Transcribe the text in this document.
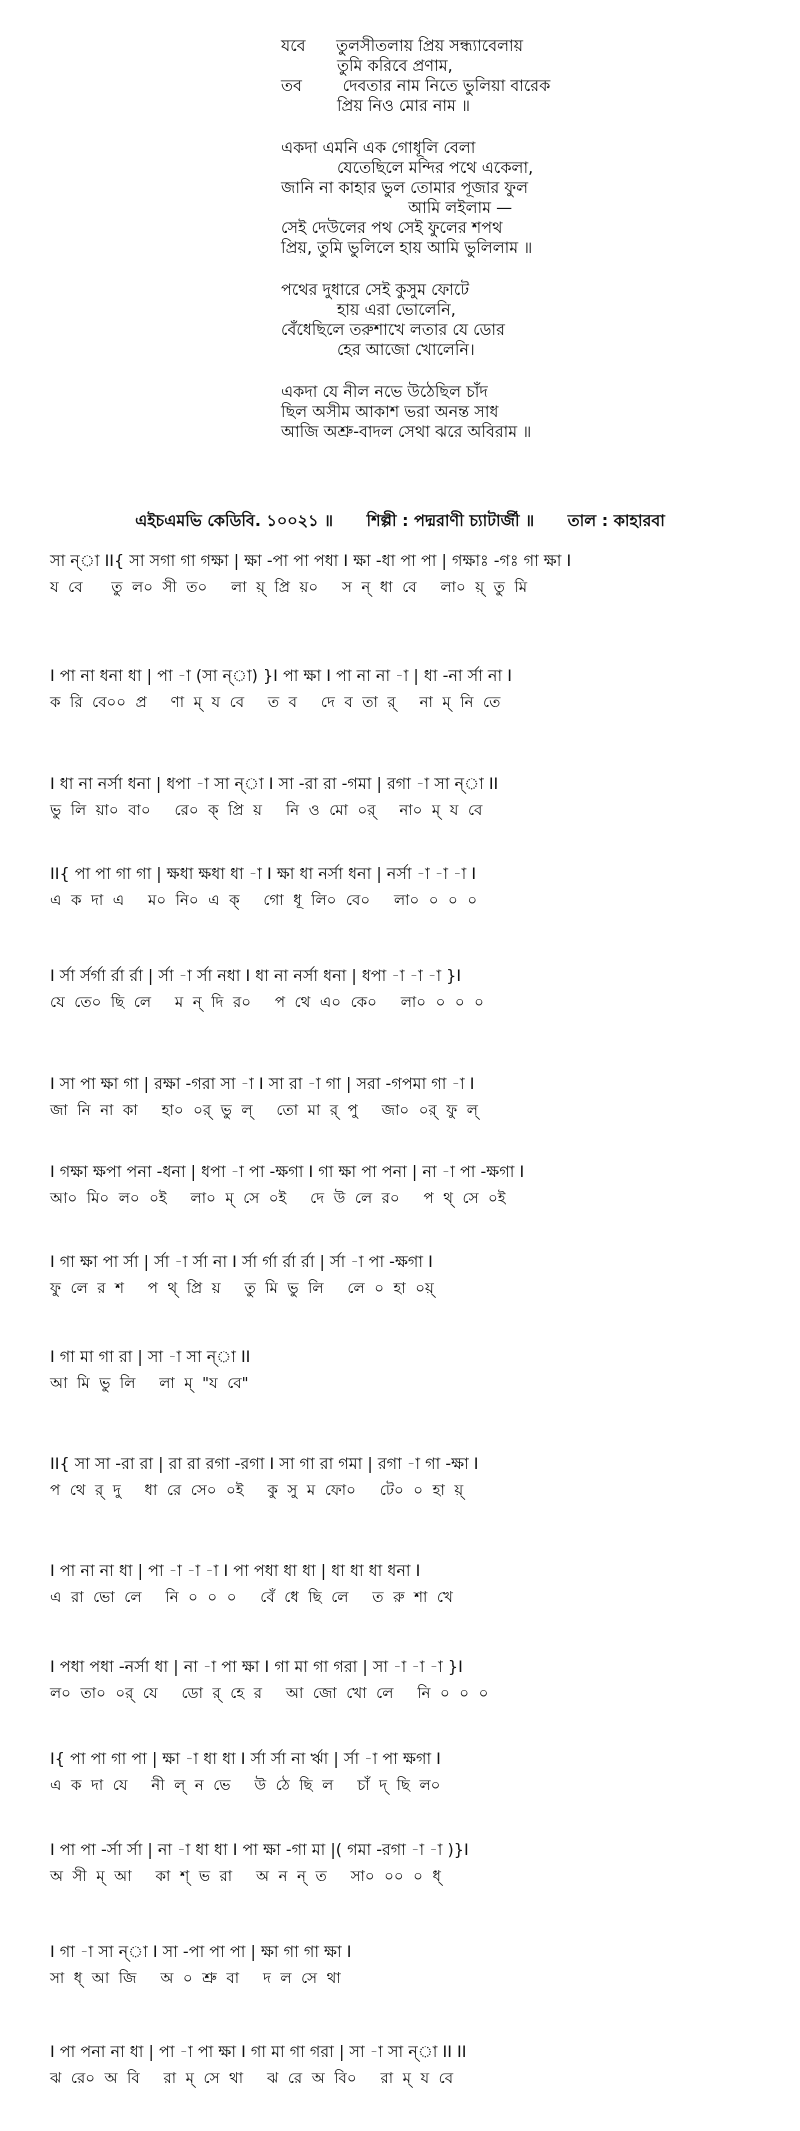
যবে      তুলসীতলায় প্রিয় সন্ধ্যাবেলায়
তুমি করিবে প্রণাম,
তব        দেবতার নাম নিতে ভুলিয়া বারেক
প্রিয় নিও মোর নাম ॥
একদা এমনি এক গোধূলি বেলা
যেতেছিলে মন্দির পথে একেলা,
জানি না কাহার ভুল তোমার পূজার ফুল
আমি লইলাম —
সেই দেউলের পথ সেই ফুলের শপথ
প্রিয়, তুমি ভুলিলে হায় আমি ভুলিলাম ॥
পথের দুধারে সেই কুসুম ফোটে
হায় এরা ভোলেনি,
বেঁধেছিলে তরুশাখে লতার যে ডোর
হের আজো খোলেনি।
একদা যে নীল নভে উঠেছিল চাঁদ
ছিল অসীম আকাশ ভরা অনন্ত সাধ
আজি অশ্রু-বাদল সেথা ঝরে অবিরাম ॥
এইচএমভি কেডিবি. ১০০২১ ॥ শিল্পী : পদ্মরাণী চ্যাটার্জী ॥ তাল : কাহারবা
সা ন্‌া II{ সা সগা গা গক্ষা | ক্ষা -পা পা পধা I ক্ষা -ধা পা পা | গক্ষাঃ -গঃ গা ক্ষা I
য  বে      তু  ল০  সী  ত০     লা  য়্  প্রি  য়০     স  ন্‌  ধা  বে     লা০  য়্  তু  মি
I পা না ধনা ধা | পা -া (সা ন্‌া) }I পা ক্ষা I পা না না -া | ধা -না র্সা না I
ক  রি  বে০০  প্র     ণা  ম্  য  বে     ত  ব     দে  ব  তা  র্     না  ম্  নি  তে
I ধা না নর্সা ধনা | ধপা -া সা ন্‌া I সা -রা রা -গমা | রগা -া সা ন্‌া II
ভু  লি  য়া০  বা০     রে০  ক্  প্রি  য়     নি  ও  মো  ০র্     না০  ম্  য  বে
II{ পা পা গা গা | ক্ষধা ক্ষধা ধা -া I ক্ষা ধা নর্সা ধনা | নর্সা -া -া -া I
এ  ক  দা  এ     ম০  নি০  এ  ক্     গো  ধূ  লি০  বে০     লা০  ০  ০  ০
I র্সা র্সর্গা র্রা র্রা | র্সা -া র্সা নধা I ধা না নর্সা ধনা | ধপা -া -া -া }I
যে  তে০  ছি  লে     ম  ন্‌  দি  র০     প  থে  এ০  কে০     লা০  ০  ০  ০
I সা পা ক্ষা গা | রক্ষা -গরা সা -া I সা রা -া গা | সরা -গপমা গা -া I
জা  নি  না  কা     হা০  ০র্  ভু  ল্     তো  মা  র্  পু     জা০  ০র্  ফু  ল্
I গক্ষা ক্ষপা পনা -ধনা | ধপা -া পা -ক্ষগা I গা ক্ষা পা পনা | না -া পা -ক্ষগা I
আ০  মি০  ল০  ০ই     লা০  ম্  সে  ০ই     দে  উ  লে  র০     প  থ্  সে  ০ই
I গা ক্ষা পা র্সা | র্সা -া র্সা না I র্সা র্গা র্রা র্রা | র্সা -া পা -ক্ষগা I
ফু  লে  র  শ     প  থ্  প্রি  য়     তু  মি  ভু  লি     লে  ০  হা  ০য়্
I গা মা গা রা | সা -া সা ন্‌া II
আ  মি  ভু  লি     লা  ম্  "য  বে"
II{ সা সা -রা রা | রা রা রগা -রগা I সা গা রা গমা | রগা -া গা -ক্ষা I
প  থে  র্  দু     ধা  রে  সে০  ০ই     কু  সু  ম  ফো০     টে০  ০  হা  য়্
I পা না না ধা | পা -া -া -া I পা পধা ধা ধা | ধা ধা ধা ধনা I
এ  রা  ভো  লে     নি  ০  ০  ০     বেঁ  ধে  ছি  লে     ত  রু  শা  খে
I পধা পধা -নর্সা ধা | না -া পা ক্ষা I গা মা গা গরা | সা -া -া -া }I
ল০  তা০  ০র্  যে     ডো  র্  হে  র     আ  জো  খো  লে     নি  ০  ০  ০
I{ পা পা গা পা | ক্ষা -া ধা ধা I র্সা র্সা না র্ঋা | র্সা -া পা ক্ষগা I
এ  ক  দা  যে     নী  ল্  ন  ভে     উ  ঠে  ছি  ল     চাঁ  দ্  ছি  ল০
I পা পা -র্সা র্সা | না -া ধা ধা I পা ক্ষা -গা মা |( গমা -রগা -া -া )}I
অ  সী  ম্  আ     কা  শ্  ভ  রা     অ  ন  ন্  ত     সা০  ০০  ০  ধ্
I গা -া সা ন্‌া I সা -পা পা পা | ক্ষা গা গা ক্ষা I
সা  ধ্  আ  জি     অ  ০  শ্রু  বা     দ  ল  সে  থা
I পা পনা না ধা | পা -া পা ক্ষা I গা মা গা গরা | সা -া সা ন্‌া II II
ঝ  রে০  অ  বি     রা  ম্  সে  থা     ঝ  রে  অ  বি০     রা  ম্  য  বে
